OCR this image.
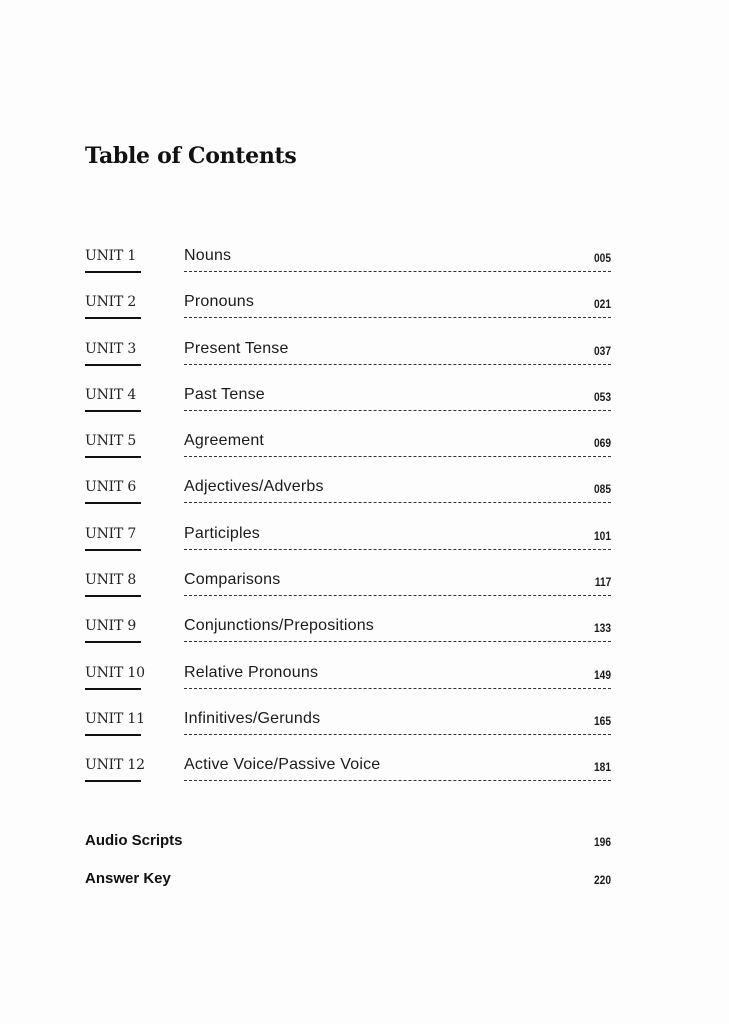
Table of Contents
UNIT 1	Nouns	005
UNIT 2	Pronouns	021
UNIT 3	Present Tense	037
UNIT 4	Past Tense	053
UNIT 5	Agreement	069
UNIT 6	Adjectives/Adverbs	085
UNIT 7	Participles	101
UNIT 8	Comparisons	117
UNIT 9	Conjunctions/Prepositions	133
UNIT 10 Relative Pronouns	149
UNIT 11 Infinitives/Gerunds	165
UNIT 12 Active Voice/Passive Voice	181
Audio Scripts	196
Answer Key	220
